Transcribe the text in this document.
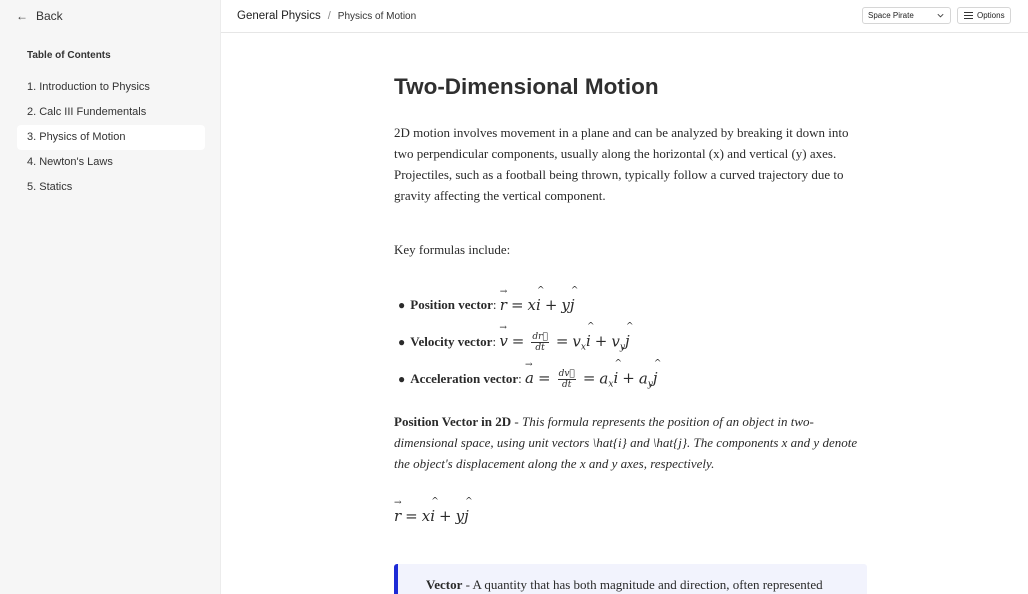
← Back
Table of Contents
1. Introduction to Physics
2. Calc III Fundementals
3. Physics of Motion
4. Newton's Laws
5. Statics
General Physics / Physics of Motion	Space Pirate	Options
Two-Dimensional Motion

2D motion involves movement in a plane and can be analyzed by breaking it down into two perpendicular components, usually along the horizontal (x) and vertical (y) axes. Projectiles, such as a football being thrown, typically follow a curved trajectory due to gravity affecting the vertical component.

Key formulas include:

● Position vector :
→ r = x^ i + y^ j
● Velocity vector :
→ $v = \frac{dr⃗}{dt}$ = $v_x\^{}$ $i + v_y\^{}$ j
● Acceleration vector :
→ $a = \frac{dv⃗}{dt}$ = $a_x\^{}$ $i + a_y\^{}$ j

Position Vector in 2D - This formula represents the position of an object in two-dimensional space, using unit vectors \hat{i} and \hat{j}. The components x and y denote the object's displacement along the x and y axes, respectively.

→ r = x^ i + y^ j
Vector - A quantity that has both magnitude and direction, often represented
